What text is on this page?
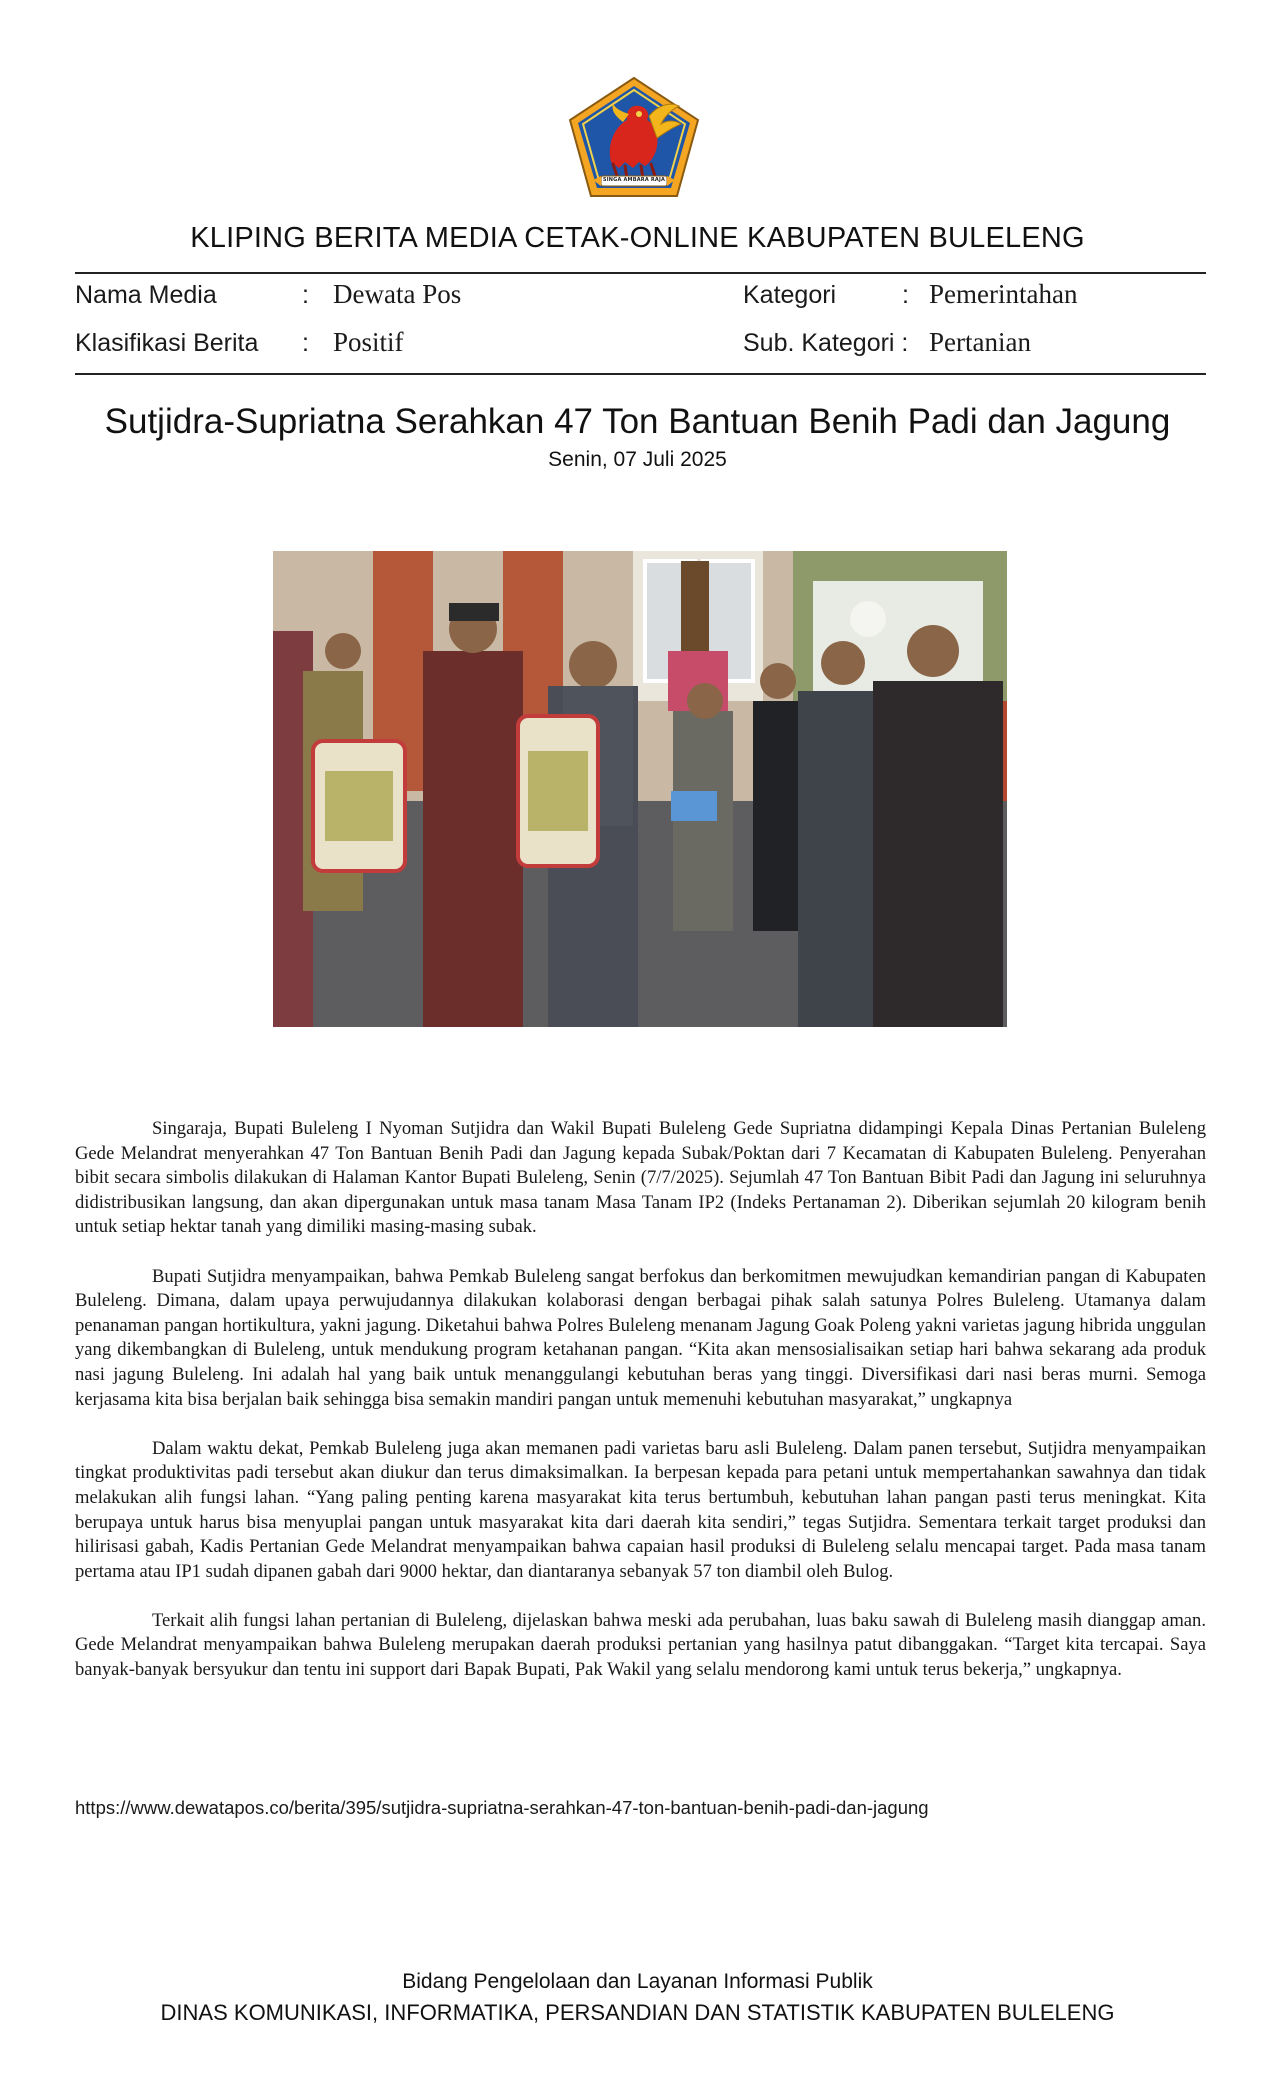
SINGA AMBARA RAJA
KLIPING BERITA MEDIA CETAK-ONLINE KABUPATEN BULELENG
Nama Media	: Dewata Pos	Kategori	: Pemerintahan
Klasifikasi Berita : Positif	Sub. Kategori : Pertanian
Sutjidra-Supriatna Serahkan 47 Ton Bantuan Benih Padi dan Jagung
Senin, 07 Juli 2025

Singaraja, Bupati Buleleng I Nyoman Sutjidra dan Wakil Bupati Buleleng Gede Supriatna didampingi Kepala Dinas Pertanian Buleleng Gede Melandrat menyerahkan 47 Ton Bantuan Benih Padi dan Jagung kepada Subak/Poktan dari 7 Kecamatan di Kabupaten Buleleng. Penyerahan bibit secara simbolis dilakukan di Halaman Kantor Bupati Buleleng, Senin (7/7/2025). Sejumlah 47 Ton Bantuan Bibit Padi dan Jagung ini seluruhnya didistribusikan langsung, dan akan dipergunakan untuk masa tanam Masa Tanam IP2 (Indeks Pertanaman 2). Diberikan sejumlah 20 kilogram benih untuk setiap hektar tanah yang dimiliki masing-masing subak.

Bupati Sutjidra menyampaikan, bahwa Pemkab Buleleng sangat berfokus dan berkomitmen mewujudkan kemandirian pangan di Kabupaten Buleleng. Dimana, dalam upaya perwujudannya dilakukan kolaborasi dengan berbagai pihak salah satunya Polres Buleleng. Utamanya dalam penanaman pangan hortikultura, yakni jagung. Diketahui bahwa Polres Buleleng menanam Jagung Goak Poleng yakni varietas jagung hibrida unggulan yang dikembangkan di Buleleng, untuk mendukung program ketahanan pangan. “Kita akan mensosialisaikan setiap hari bahwa sekarang ada produk nasi jagung Buleleng. Ini adalah hal yang baik untuk menanggulangi kebutuhan beras yang tinggi. Diversifikasi dari nasi beras murni. Semoga kerjasama kita bisa berjalan baik sehingga bisa semakin mandiri pangan untuk memenuhi kebutuhan masyarakat,” ungkapnya

Dalam waktu dekat, Pemkab Buleleng juga akan memanen padi varietas baru asli Buleleng. Dalam panen tersebut, Sutjidra menyampaikan tingkat produktivitas padi tersebut akan diukur dan terus dimaksimalkan. Ia berpesan kepada para petani untuk mempertahankan sawahnya dan tidak melakukan alih fungsi lahan. “Yang paling penting karena masyarakat kita terus bertumbuh, kebutuhan lahan pangan pasti terus meningkat. Kita berupaya untuk harus bisa menyuplai pangan untuk masyarakat kita dari daerah kita sendiri,” tegas Sutjidra. Sementara terkait target produksi dan hilirisasi gabah, Kadis Pertanian Gede Melandrat menyampaikan bahwa capaian hasil produksi di Buleleng selalu mencapai target. Pada masa tanam pertama atau IP1 sudah dipanen gabah dari 9000 hektar, dan diantaranya sebanyak 57 ton diambil oleh Bulog.

Terkait alih fungsi lahan pertanian di Buleleng, dijelaskan bahwa meski ada perubahan, luas baku sawah di Buleleng masih dianggap aman. Gede Melandrat menyampaikan bahwa Buleleng merupakan daerah produksi pertanian yang hasilnya patut dibanggakan. “Target kita tercapai. Saya banyak-banyak bersyukur dan tentu ini support dari Bapak Bupati, Pak Wakil yang selalu mendorong kami untuk terus bekerja,” ungkapnya.

https://www.dewatapos.co/berita/395/sutjidra-supriatna-serahkan-47-ton-bantuan-benih-padi-dan-jagung
Bidang Pengelolaan dan Layanan Informasi Publik
DINAS KOMUNIKASI, INFORMATIKA, PERSANDIAN DAN STATISTIK KABUPATEN BULELENG
